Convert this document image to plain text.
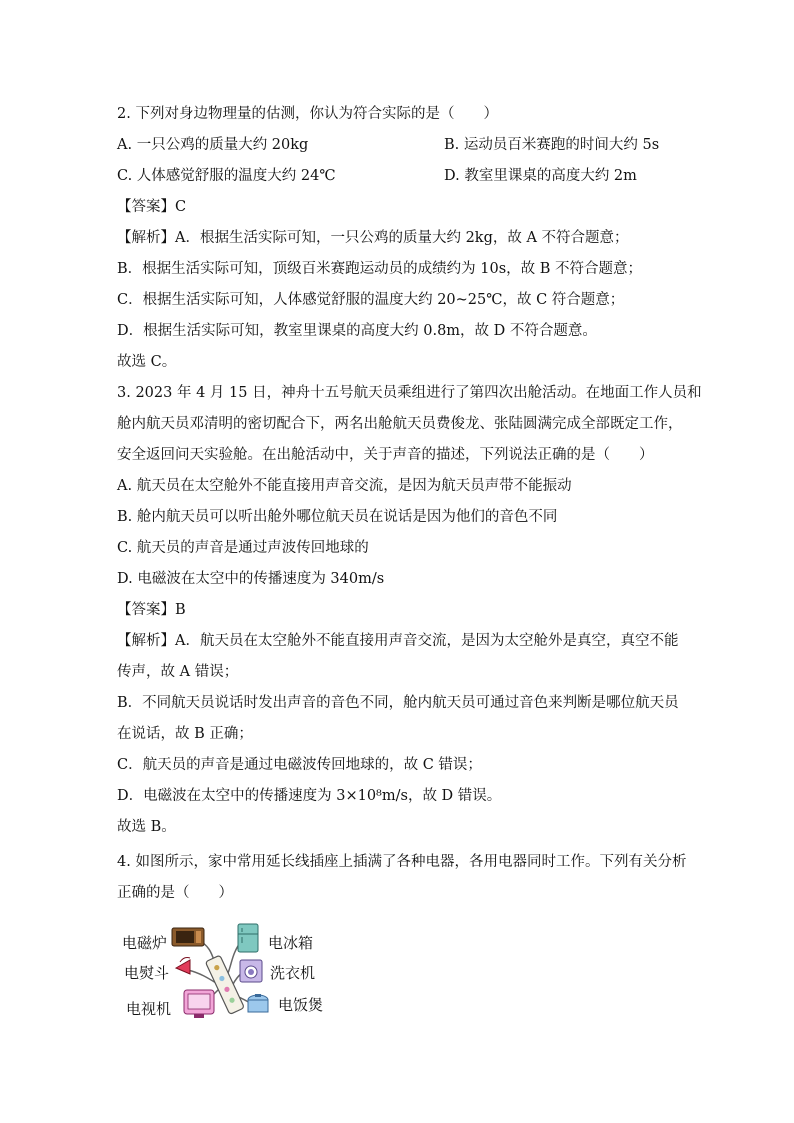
2. 下列对身边物理量的估测，你认为符合实际的是（　　）
A. 一只公鸡的质量大约 20kg	B. 运动员百米赛跑的时间大约 5s
C. 人体感觉舒服的温度大约 24℃	D. 教室里课桌的高度大约 2m
【答案】C
【解析】A．根据生活实际可知，一只公鸡的质量大约 2kg，故 A 不符合题意；
B．根据生活实际可知，顶级百米赛跑运动员的成绩约为 10s，故 B 不符合题意；
C．根据生活实际可知，人体感觉舒服的温度大约 20~25℃，故 C 符合题意；
D．根据生活实际可知，教室里课桌的高度大约 0.8m，故 D 不符合题意。
故选 C。
3. 2023 年 4 月 15 日，神舟十五号航天员乘组进行了第四次出舱活动。在地面工作人员和
舱内航天员邓清明的密切配合下，两名出舱航天员费俊龙、张陆圆满完成全部既定工作，
安全返回问天实验舱。在出舱活动中，关于声音的描述，下列说法正确的是（　　）
A. 航天员在太空舱外不能直接用声音交流，是因为航天员声带不能振动
B. 舱内航天员可以听出舱外哪位航天员在说话是因为他们的音色不同
C. 航天员的声音是通过声波传回地球的
D. 电磁波在太空中的传播速度为 340m/s
【答案】B
【解析】A．航天员在太空舱外不能直接用声音交流，是因为太空舱外是真空，真空不能
传声，故 A 错误；
B．不同航天员说话时发出声音的音色不同，舱内航天员可通过音色来判断是哪位航天员
在说话，故 B 正确；
C．航天员的声音是通过电磁波传回地球的，故 C 错误；
D．电磁波在太空中的传播速度为 3×10⁸m/s，故 D 错误。
故选 B。
4. 如图所示，家中常用延长线插座上插满了各种电器，各用电器同时工作。下列有关分析
正确的是（　　）
电磁炉	电冰箱
电熨斗	洗衣机
电视机	电饭煲
